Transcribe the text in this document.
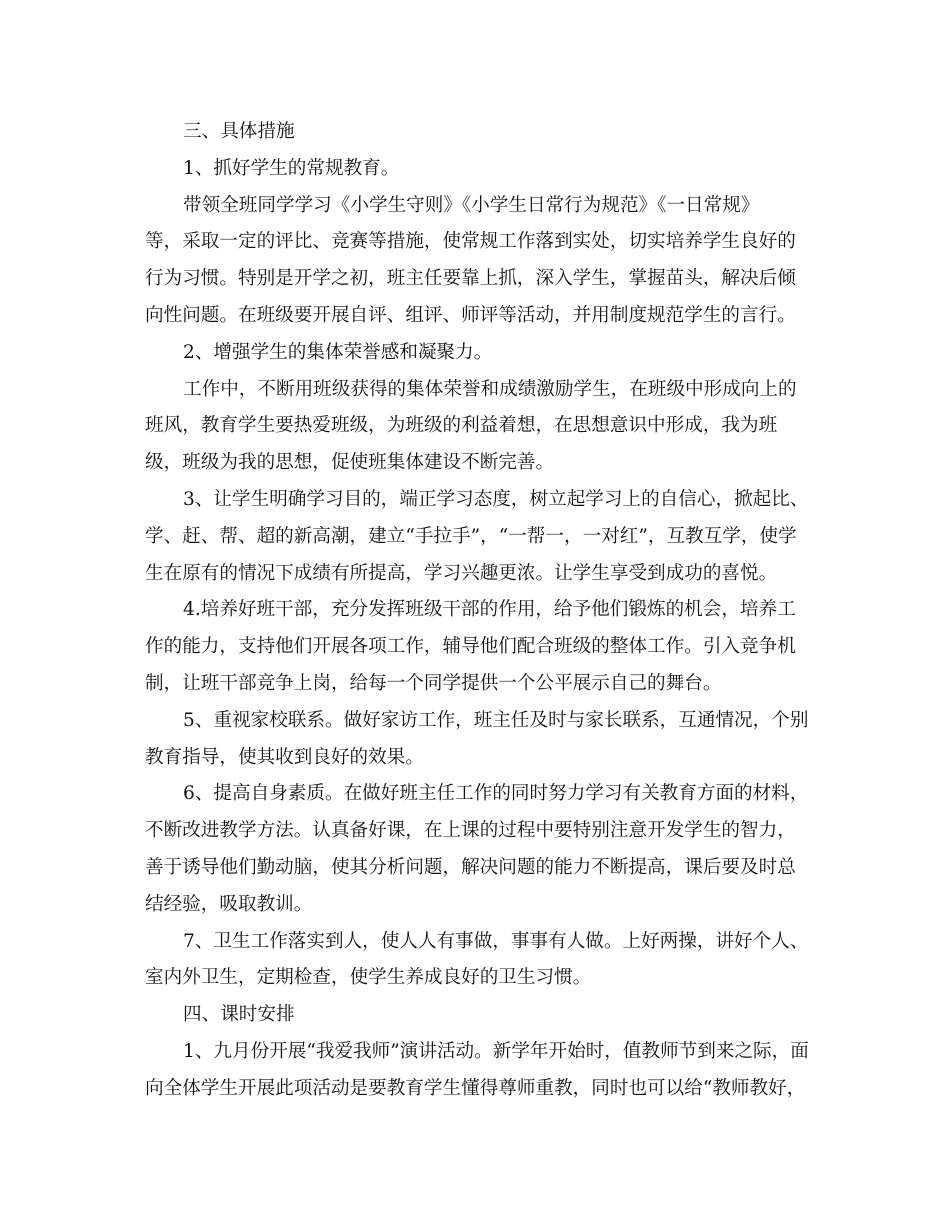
三、具体措施
1、抓好学生的常规教育。
带领全班同学学习《小学生守则》《小学生日常行为规范》《一日常规》
等，采取一定的评比、竞赛等措施，使常规工作落到实处，切实培养学生良好的
行为习惯。特别是开学之初，班主任要靠上抓，深入学生，掌握苗头，解决后倾
向性问题。在班级要开展自评、组评、师评等活动，并用制度规范学生的言行。
2、增强学生的集体荣誉感和凝聚力。
工作中，不断用班级获得的集体荣誉和成绩激励学生，在班级中形成向上的
班风，教育学生要热爱班级，为班级的利益着想，在思想意识中形成，我为班
级，班级为我的思想，促使班集体建设不断完善。
3、让学生明确学习目的，端正学习态度，树立起学习上的自信心，掀起比、
学、赶、帮、超的新高潮，建立“手拉手”，“一帮一，一对红”，互教互学，使学
生在原有的情况下成绩有所提高，学习兴趣更浓。让学生享受到成功的喜悦。
4.培养好班干部，充分发挥班级干部的作用，给予他们锻炼的机会，培养工
作的能力，支持他们开展各项工作，辅导他们配合班级的整体工作。引入竞争机
制，让班干部竞争上岗，给每一个同学提供一个公平展示自己的舞台。
5、重视家校联系。做好家访工作，班主任及时与家长联系，互通情况，个别
教育指导，使其收到良好的效果。
6、提高自身素质。在做好班主任工作的同时努力学习有关教育方面的材料，
不断改进教学方法。认真备好课，在上课的过程中要特别注意开发学生的智力，
善于诱导他们勤动脑，使其分析问题，解决问题的能力不断提高，课后要及时总
结经验，吸取教训。
7、卫生工作落实到人，使人人有事做，事事有人做。上好两操，讲好个人、
室内外卫生，定期检查，使学生养成良好的卫生习惯。
四、课时安排
1、九月份开展“我爱我师”演讲活动。新学年开始时，值教师节到来之际，面
向全体学生开展此项活动是要教育学生懂得尊师重教，同时也可以给“教师教好，
